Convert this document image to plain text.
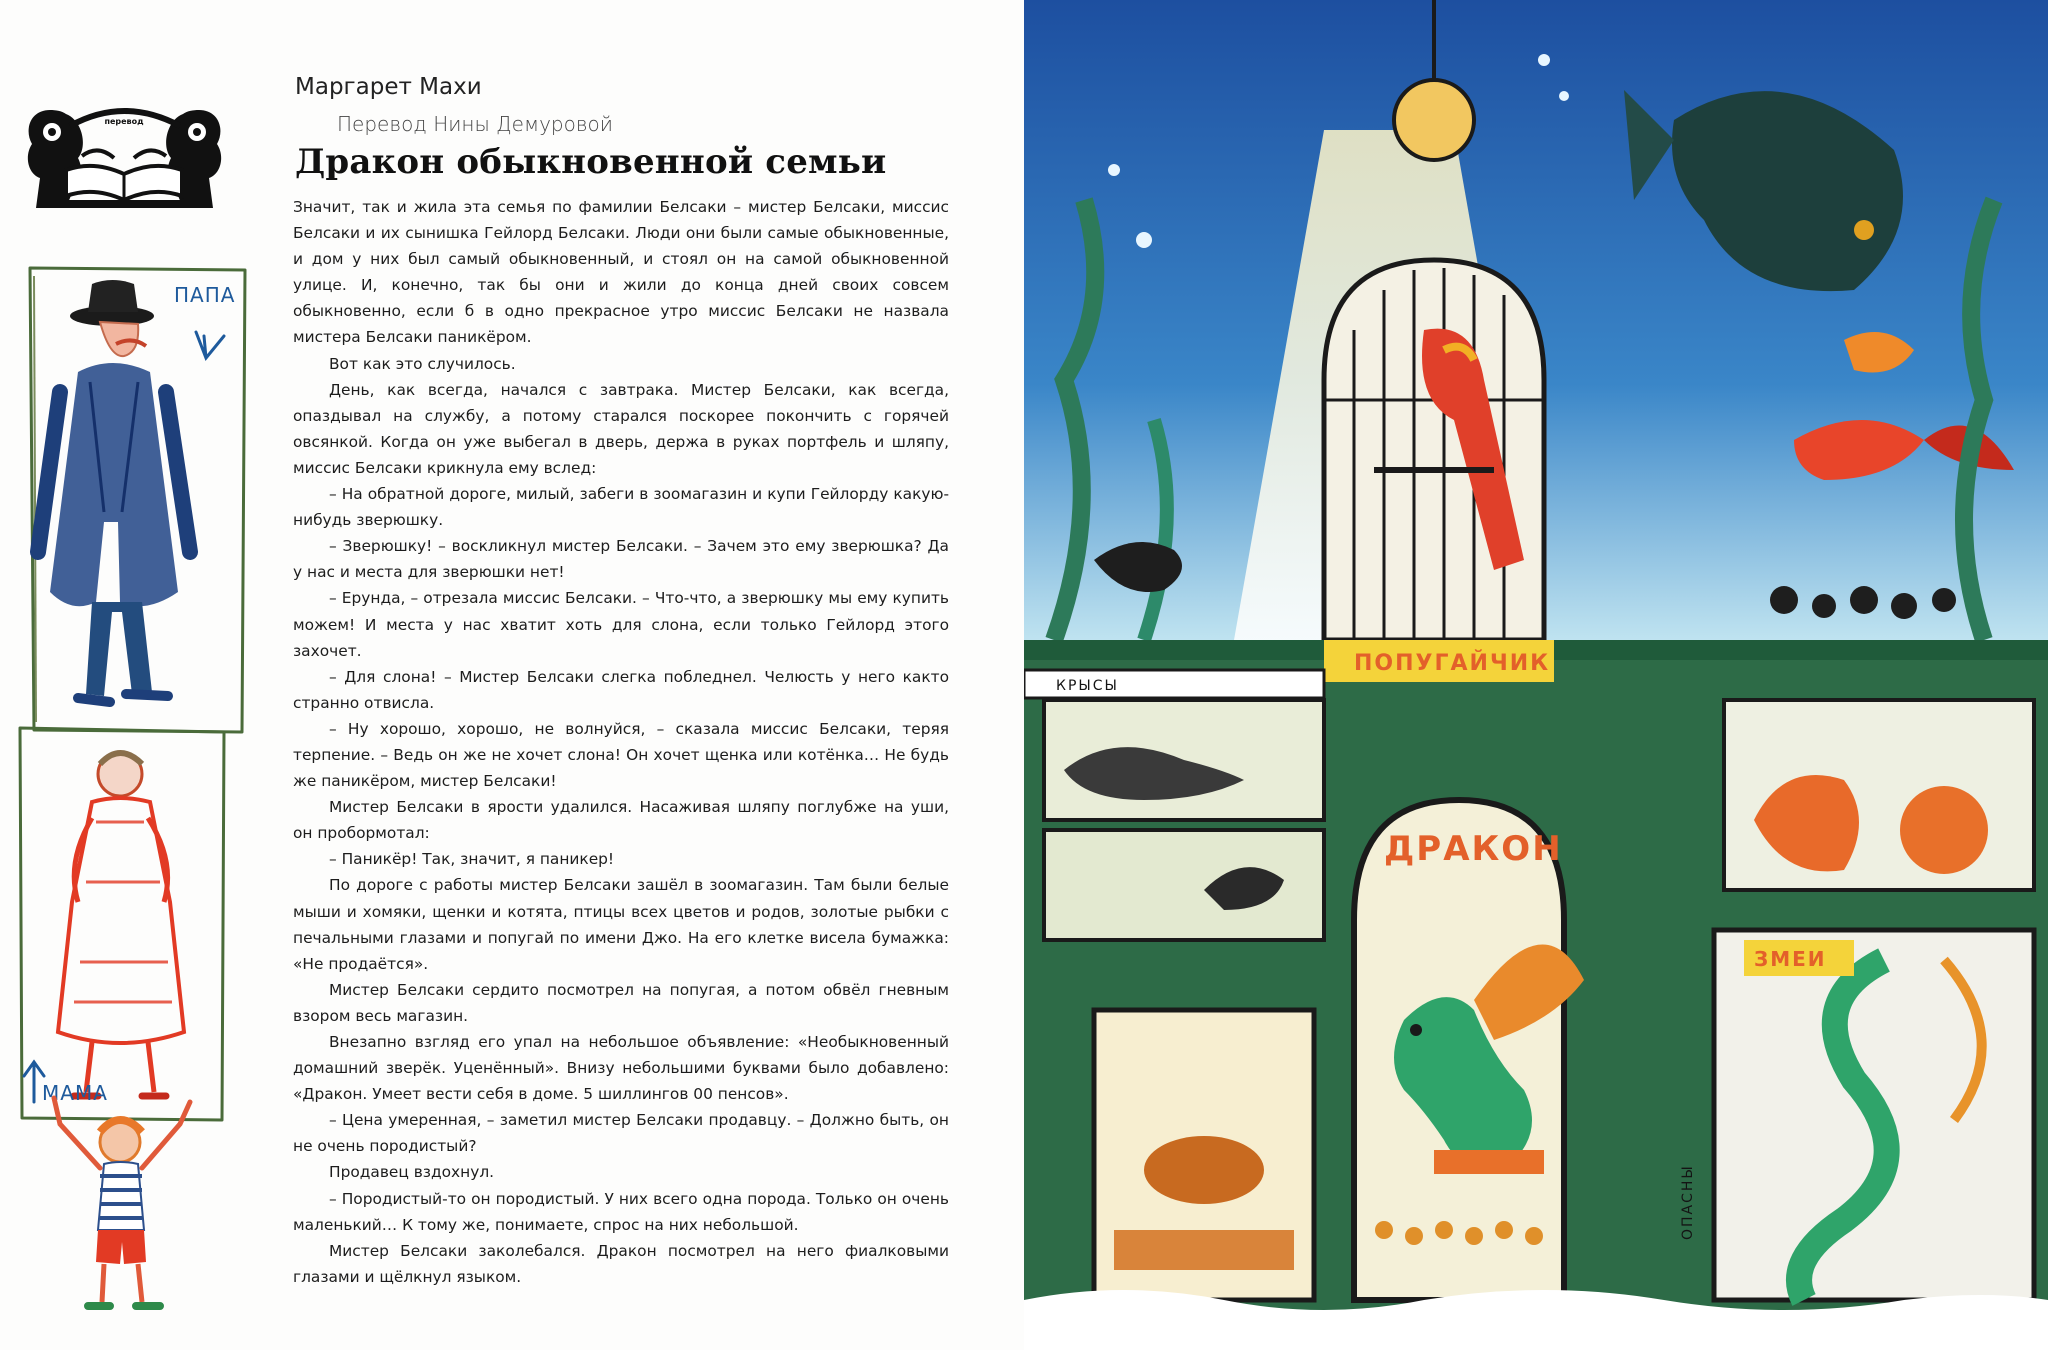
перевод
ПАПА
МАМА
Маргарет Махи
Перевод Нины Демуровой
Дракон обыкновенной семьи

Значит, так и жила эта семья по фамилии Белсаки – мистер Белсаки, миссис Белсаки и их сынишка Гейлорд Белсаки. Люди они были самые обыкновенные, и дом у них был самый обыкновенный, и стоял он на самой обыкновенной улице. И, конечно, так бы они и жили до конца дней своих совсем обыкновенно, если б в одно прекрасное утро миссис Белсаки не назвала мистера Белсаки паникёром.

Вот как это случилось.

День, как всегда, начался с завтрака. Мистер Белсаки, как всегда, опаздывал на службу, а потому старался поскорее покончить с горячей овсянкой. Когда он уже выбегал в дверь, держа в руках портфель и шляпу, миссис Белсаки крикнула ему вслед:

– На обратной дороге, милый, забеги в зоомагазин и купи Гейлорду какую-нибудь зверюшку.

– Зверюшку! – воскликнул мистер Белсаки. – Зачем это ему зверюшка? Да у нас и места для зверюшки нет!

– Ерунда, – отрезала миссис Белсаки. – Что-что, а зверюшку мы ему купить можем! И места у нас хватит хоть для слона, если только Гейлорд этого захочет.

– Для слона! – Мистер Белсаки слегка побледнел. Челюсть у него както странно отвисла.

– Ну хорошо, хорошо, не волнуйся, – сказала миссис Белсаки, теряя терпение. – Ведь он же не хочет слона! Он хочет щенка или котёнка… Не будь же паникёром, мистер Белсаки!

Мистер Белсаки в ярости удалился. Насаживая шляпу поглубже на уши, он пробормотал:

– Паникёр! Так, значит, я паникер!

По дороге с работы мистер Белсаки зашёл в зоомагазин. Там были белые мыши и хомяки, щенки и котята, птицы всех цветов и родов, золотые рыбки с печальными глазами и попугай по имени Джо. На его клетке висела бумажка: «Не продаётся».

Мистер Белсаки сердито посмотрел на попугая, а потом обвёл гневным взором весь магазин.

Внезапно взгляд его упал на небольшое объявление: «Необыкновенный домашний зверёк. Уценённый». Внизу небольшими буквами было добавлено: «Дракон. Умеет вести себя в доме. 5 шиллингов 00 пенсов».

– Цена умеренная, – заметил мистер Белсаки продавцу. – Должно быть, он не очень породистый?

Продавец вздохнул.

– Породистый-то он породистый. У них всего одна порода. Только он очень маленький… К тому же, понимаете, спрос на них небольшой.

Мистер Белсаки заколебался. Дракон посмотрел на него фиалковыми глазами и щёлкнул языком.

КРЫСЫ
ПОПУГАЙЧИК
ДРАКОН
ЗМЕИ
ОПАСНЫ
